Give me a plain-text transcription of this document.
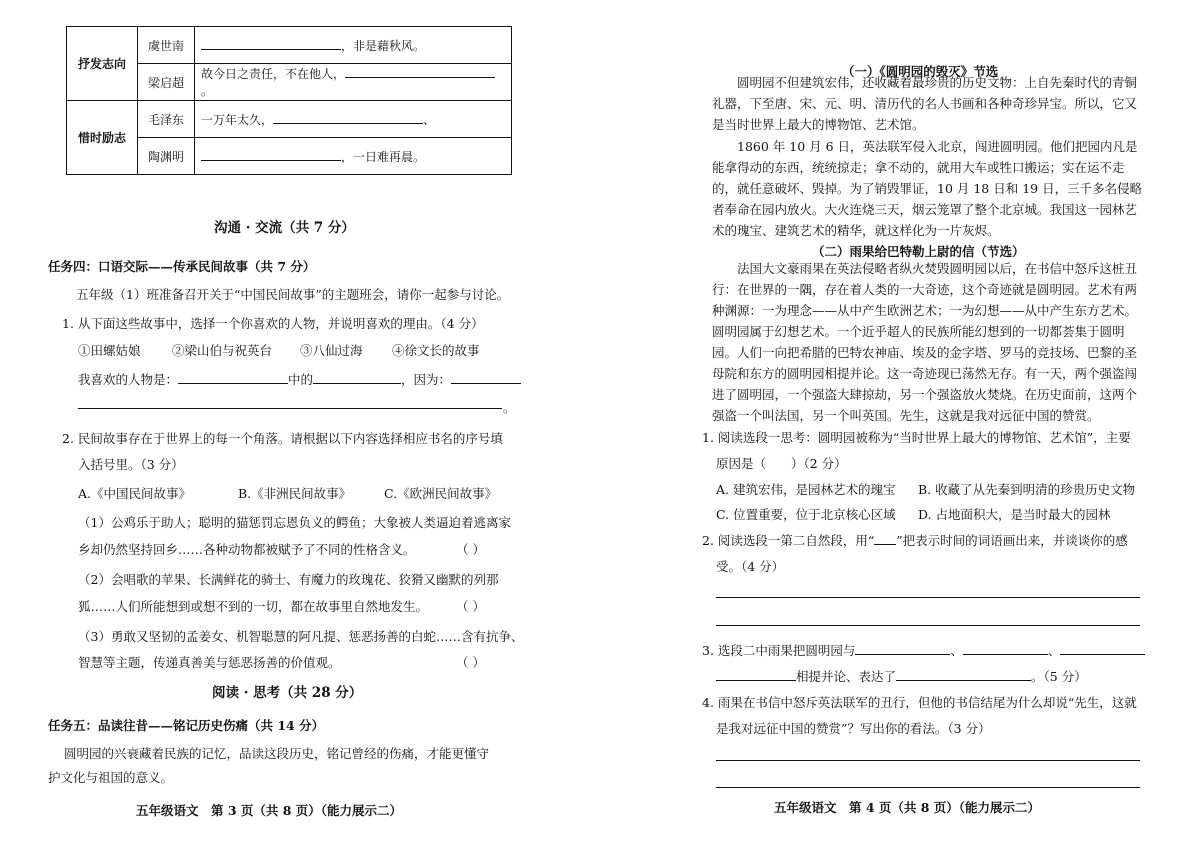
抒发志向	虞世南	，非是藉秋风。
	梁启超	故今日之责任，不在他人，。
惜时励志	毛泽东	一万年太久， 、
	陶渊明	，一日难再晨。
沟通 · 交流（共 7 分）
任务四：口语交际——传承民间故事（共 7 分）
五年级（1）班准备召开关于“中国民间故事”的主题班会，请你一起参与讨论。
1. 从下面这些故事中，选择一个你喜欢的人物，并说明喜欢的理由。（4 分）
①田螺姑娘	②梁山伯与祝英台 ③八仙过海 ④徐文长的故事
我喜欢的人物是：	中的	，因为：
。
2. 民间故事存在于世界上的每一个角落。请根据以下内容选择相应书名的序号填
入括号里。（3 分）
A.《中国民间故事》	B.《非洲民间故事》	C.《欧洲民间故事》
（1）公鸡乐于助人；聪明的猫惩罚忘恩负义的鳄鱼；大象被人类逼迫着逃离家
乡却仍然坚持回乡……各种动物都被赋予了不同的性格含义。	（ ）
（2）会唱歌的苹果、长满鲜花的骑士、有魔力的玫瑰花、狡猾又幽默的列那
狐……人们所能想到或想不到的一切，都在故事里自然地发生。 （ ）
（3）勇敢又坚韧的孟姜女、机智聪慧的阿凡提、惩恶扬善的白蛇……含有抗争、
智慧等主题，传递真善美与惩恶扬善的价值观。	（ ）
阅读 · 思考（共 28 分）
任务五：品读往昔——铭记历史伤痛（共 14 分）
圆明园的兴衰藏着民族的记忆，品读这段历史，铭记曾经的伤痛，才能更懂守
护文化与祖国的意义。
五年级语文　第 3 页（共 8 页）（能力展示二）
（一）《圆明园的毁灭》节选
圆明园不但建筑宏伟，还收藏着最珍贵的历史文物：上自先秦时代的青铜礼器，下至唐、宋、元、明、清历代的名人书画和各种奇珍异宝。所以，它又是当时世界上最大的博物馆、艺术馆。
1860 年 10 月 6 日，英法联军侵入北京，闯进圆明园。他们把园内凡是能拿得动的东西，统统掠走；拿不动的，就用大车或牲口搬运；实在运不走的，就任意破坏、毁掉。为了销毁罪证，10 月 18 日和 19 日，三千多名侵略者奉命在园内放火。大火连烧三天，烟云笼罩了整个北京城。我国这一园林艺术的瑰宝、建筑艺术的精华，就这样化为一片灰烬。
（二）雨果给巴特勒上尉的信（节选）
法国大文豪雨果在英法侵略者纵火焚毁圆明园以后，在书信中怒斥这桩丑行：在世界的一隅，存在着人类的一大奇迹，这个奇迹就是圆明园。艺术有两种渊源：一为理念——从中产生欧洲艺术；一为幻想——从中产生东方艺术。圆明园属于幻想艺术。一个近乎超人的民族所能幻想到的一切都荟集于圆明园。人们一向把希腊的巴特农神庙、埃及的金字塔、罗马的竞技场、巴黎的圣母院和东方的圆明园相提并论。这一奇迹现已荡然无存。有一天，两个强盗闯进了圆明园，一个强盗大肆掠劫，另一个强盗放火焚烧。在历史面前，这两个强盗一个叫法国，另一个叫英国。先生，这就是我对远征中国的赞赏。
1. 阅读选段一思考：圆明园被称为“当时世界上最大的博物馆、艺术馆”，主要
原因是（　　）（2 分）
A. 建筑宏伟，是园林艺术的瑰宝 B. 收藏了从先秦到明清的珍贵历史文物
C. 位置重要，位于北京核心区域 D. 占地面积大，是当时最大的园林
2. 阅读选段一第二自然段，用“ ”把表示时间的词语画出来，并谈谈你的感
受。（4 分）
3. 选段二中雨果把圆明园与	、	、
相提并论、表达了	。（5 分）
4. 雨果在书信中怒斥英法联军的丑行，但他的书信结尾为什么却说“先生，这就
是我对远征中国的赞赏”？写出你的看法。（3 分）
五年级语文　第 4 页（共 8 页）（能力展示二）
